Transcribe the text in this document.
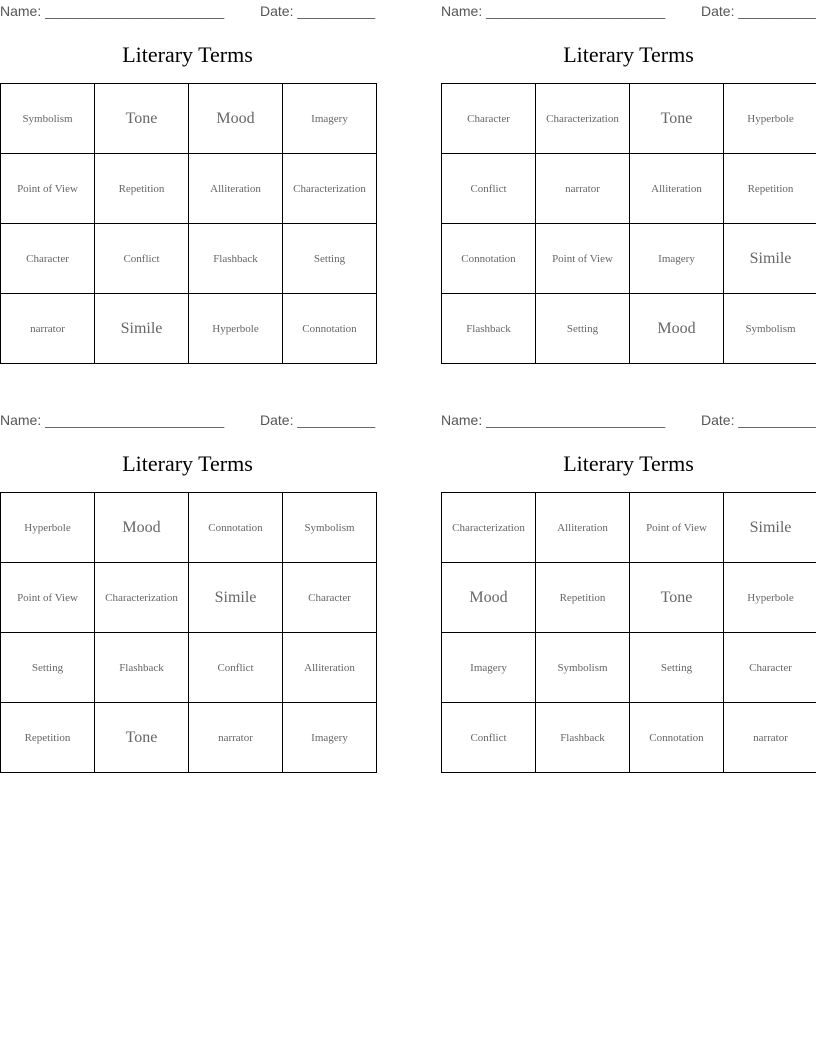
Name: _______________________	Date: __________
Literary Terms
Symbolism	Tone	Mood	Imagery
Point of View	Repetition	Alliteration	Characterization
Character	Conflict	Flashback	Setting
narrator	Simile	Hyperbole	Connotation
Name: _______________________	Date: __________
Literary Terms
Character	Characterization	Tone	Hyperbole
Conflict	narrator	Alliteration	Repetition
Connotation	Point of View	Imagery	Simile
Flashback	Setting	Mood	Symbolism
Name: _______________________	Date: __________
Literary Terms
Hyperbole	Mood	Connotation	Symbolism
Point of View	Characterization	Simile	Character
Setting	Flashback	Conflict	Alliteration
Repetition	Tone	narrator	Imagery
Name: _______________________	Date: __________
Literary Terms
Characterization	Alliteration	Point of View	Simile
Mood	Repetition	Tone	Hyperbole
Imagery	Symbolism	Setting	Character
Conflict	Flashback	Connotation	narrator
